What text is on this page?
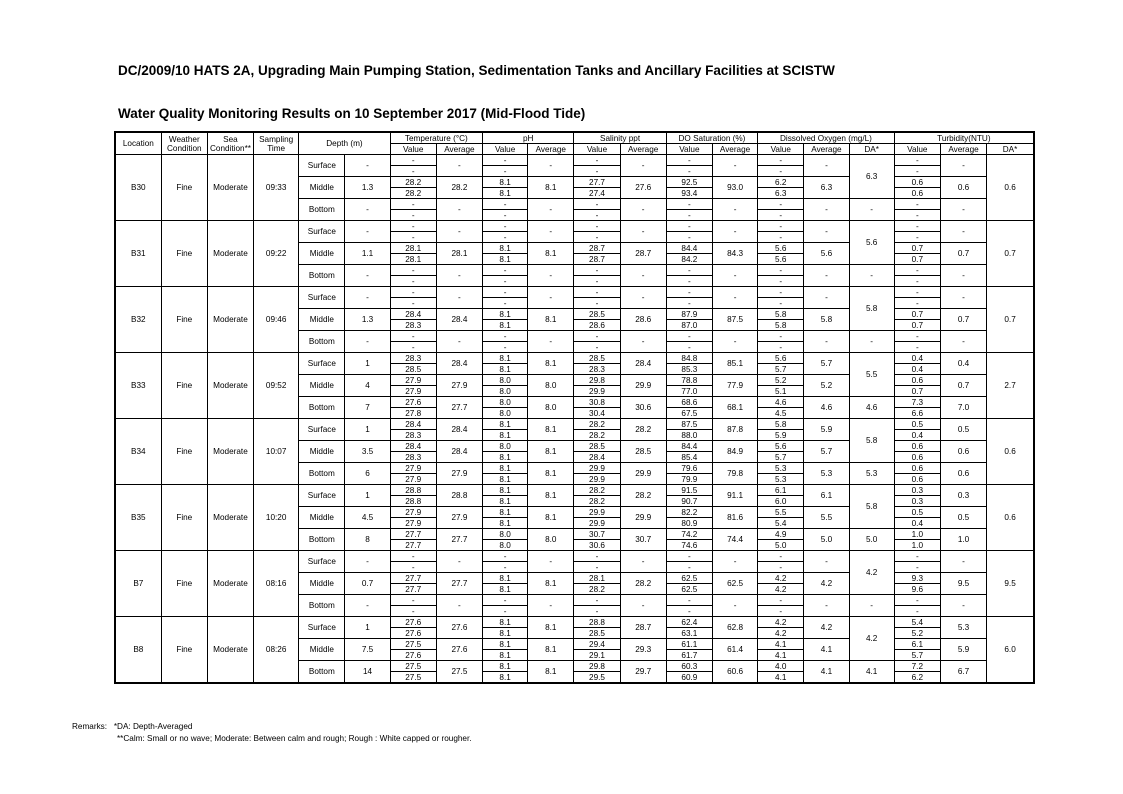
DC/2009/10 HATS 2A, Upgrading Main Pumping Station, Sedimentation Tanks and Ancillary Facilities at SCISTW
Water Quality Monitoring Results on 10 September 2017 (Mid-Flood Tide)
Location	Weather Condition	Sea Condition**	Sampling Time	Depth (m)		Temperature (°C)		pH		Salinity ppt		DO Saturation (%)		Dissolved Oxygen (mg/L)			Turbidity(NTU)		
						Value	Average	Value	Average	Value	Average	Value	Average	Value	Average	DA*	Value	Average	DA*
B30	Fine	Moderate	09:33	Surface	-	-	-	-	-	-	-	-	-	-	-	6.3	-	-	0.6
						-		-		-		-		-			-		
				Middle	1.3	28.2	28.2	8.1	8.1	27.7	27.6	92.5	93.0	6.2	6.3		0.6	0.6	
						28.2		8.1		27.4		93.4		6.3			0.6		
				Bottom	-	-	-	-	-	-	-	-	-	-	-	-	-	-	
						-		-		-		-		-			-		
B31	Fine	Moderate	09:22	Surface	-	-	-	-	-	-	-	-	-	-	-	5.6	-	-	0.7
						-		-		-		-		-			-		
				Middle	1.1	28.1	28.1	8.1	8.1	28.7	28.7	84.4	84.3	5.6	5.6		0.7	0.7	
						28.1		8.1		28.7		84.2		5.6			0.7		
				Bottom	-	-	-	-	-	-	-	-	-	-	-	-	-	-	
						-		-		-		-		-			-		
B32	Fine	Moderate	09:46	Surface	-	-	-	-	-	-	-	-	-	-	-	5.8	-	-	0.7
						-		-		-		-		-			-		
				Middle	1.3	28.4	28.4	8.1	8.1	28.5	28.6	87.9	87.5	5.8	5.8		0.7	0.7	
						28.3		8.1		28.6		87.0		5.8			0.7		
				Bottom	-	-	-	-	-	-	-	-	-	-	-	-	-	-	
						-		-		-		-		-			-		
B33	Fine	Moderate	09:52	Surface	1	28.3	28.4	8.1	8.1	28.5	28.4	84.8	85.1	5.6	5.7	5.5	0.4	0.4	2.7
						28.5		8.1		28.3		85.3		5.7			0.4		
				Middle	4	27.9	27.9	8.0	8.0	29.8	29.9	78.8	77.9	5.2	5.2		0.6	0.7	
						27.9		8.0		29.9		77.0		5.1			0.7		
				Bottom	7	27.6	27.7	8.0	8.0	30.8	30.6	68.6	68.1	4.6	4.6	4.6	7.3	7.0	
						27.8		8.0		30.4		67.5		4.5			6.6		
B34	Fine	Moderate	10:07	Surface	1	28.4	28.4	8.1	8.1	28.2	28.2	87.5	87.8	5.8	5.9	5.8	0.5	0.5	0.6
						28.3		8.1		28.2		88.0		5.9			0.4		
				Middle	3.5	28.4	28.4	8.0	8.1	28.5	28.5	84.4	84.9	5.6	5.7		0.6	0.6	
						28.3		8.1		28.4		85.4		5.7			0.6		
				Bottom	6	27.9	27.9	8.1	8.1	29.9	29.9	79.6	79.8	5.3	5.3	5.3	0.6	0.6	
						27.9		8.1		29.9		79.9		5.3			0.6		
B35	Fine	Moderate	10:20	Surface	1	28.8	28.8	8.1	8.1	28.2	28.2	91.5	91.1	6.1	6.1	5.8	0.3	0.3	0.6
						28.8		8.1		28.2		90.7		6.0			0.3		
				Middle	4.5	27.9	27.9	8.1	8.1	29.9	29.9	82.2	81.6	5.5	5.5		0.5	0.5	
						27.9		8.1		29.9		80.9		5.4			0.4		
				Bottom	8	27.7	27.7	8.0	8.0	30.7	30.7	74.2	74.4	4.9	5.0	5.0	1.0	1.0	
						27.7		8.0		30.6		74.6		5.0			1.0		
B7	Fine	Moderate	08:16	Surface	-	-	-	-	-	-	-	-	-	-	-	4.2	-	-	9.5
						-		-		-		-		-			-		
				Middle	0.7	27.7	27.7	8.1	8.1	28.1	28.2	62.5	62.5	4.2	4.2		9.3	9.5	
						27.7		8.1		28.2		62.5		4.2			9.6		
				Bottom	-	-	-	-	-	-	-	-	-	-	-	-	-	-	
						-		-		-		-		-			-		
B8	Fine	Moderate	08:26	Surface	1	27.6	27.6	8.1	8.1	28.8	28.7	62.4	62.8	4.2	4.2	4.2	5.4	5.3	6.0
						27.6		8.1		28.5		63.1		4.2			5.2		
				Middle	7.5	27.5	27.6	8.1	8.1	29.4	29.3	61.1	61.4	4.1	4.1		6.1	5.9	
						27.6		8.1		29.1		61.7		4.1			5.7		
				Bottom	14	27.5	27.5	8.1	8.1	29.8	29.7	60.3	60.6	4.0	4.1	4.1	7.2	6.7	
						27.5		8.1		29.5		60.9		4.1			6.2		
Remarks: *DA: Depth-Averaged
**Calm: Small or no wave; Moderate: Between calm and rough; Rough : White capped or rougher.
